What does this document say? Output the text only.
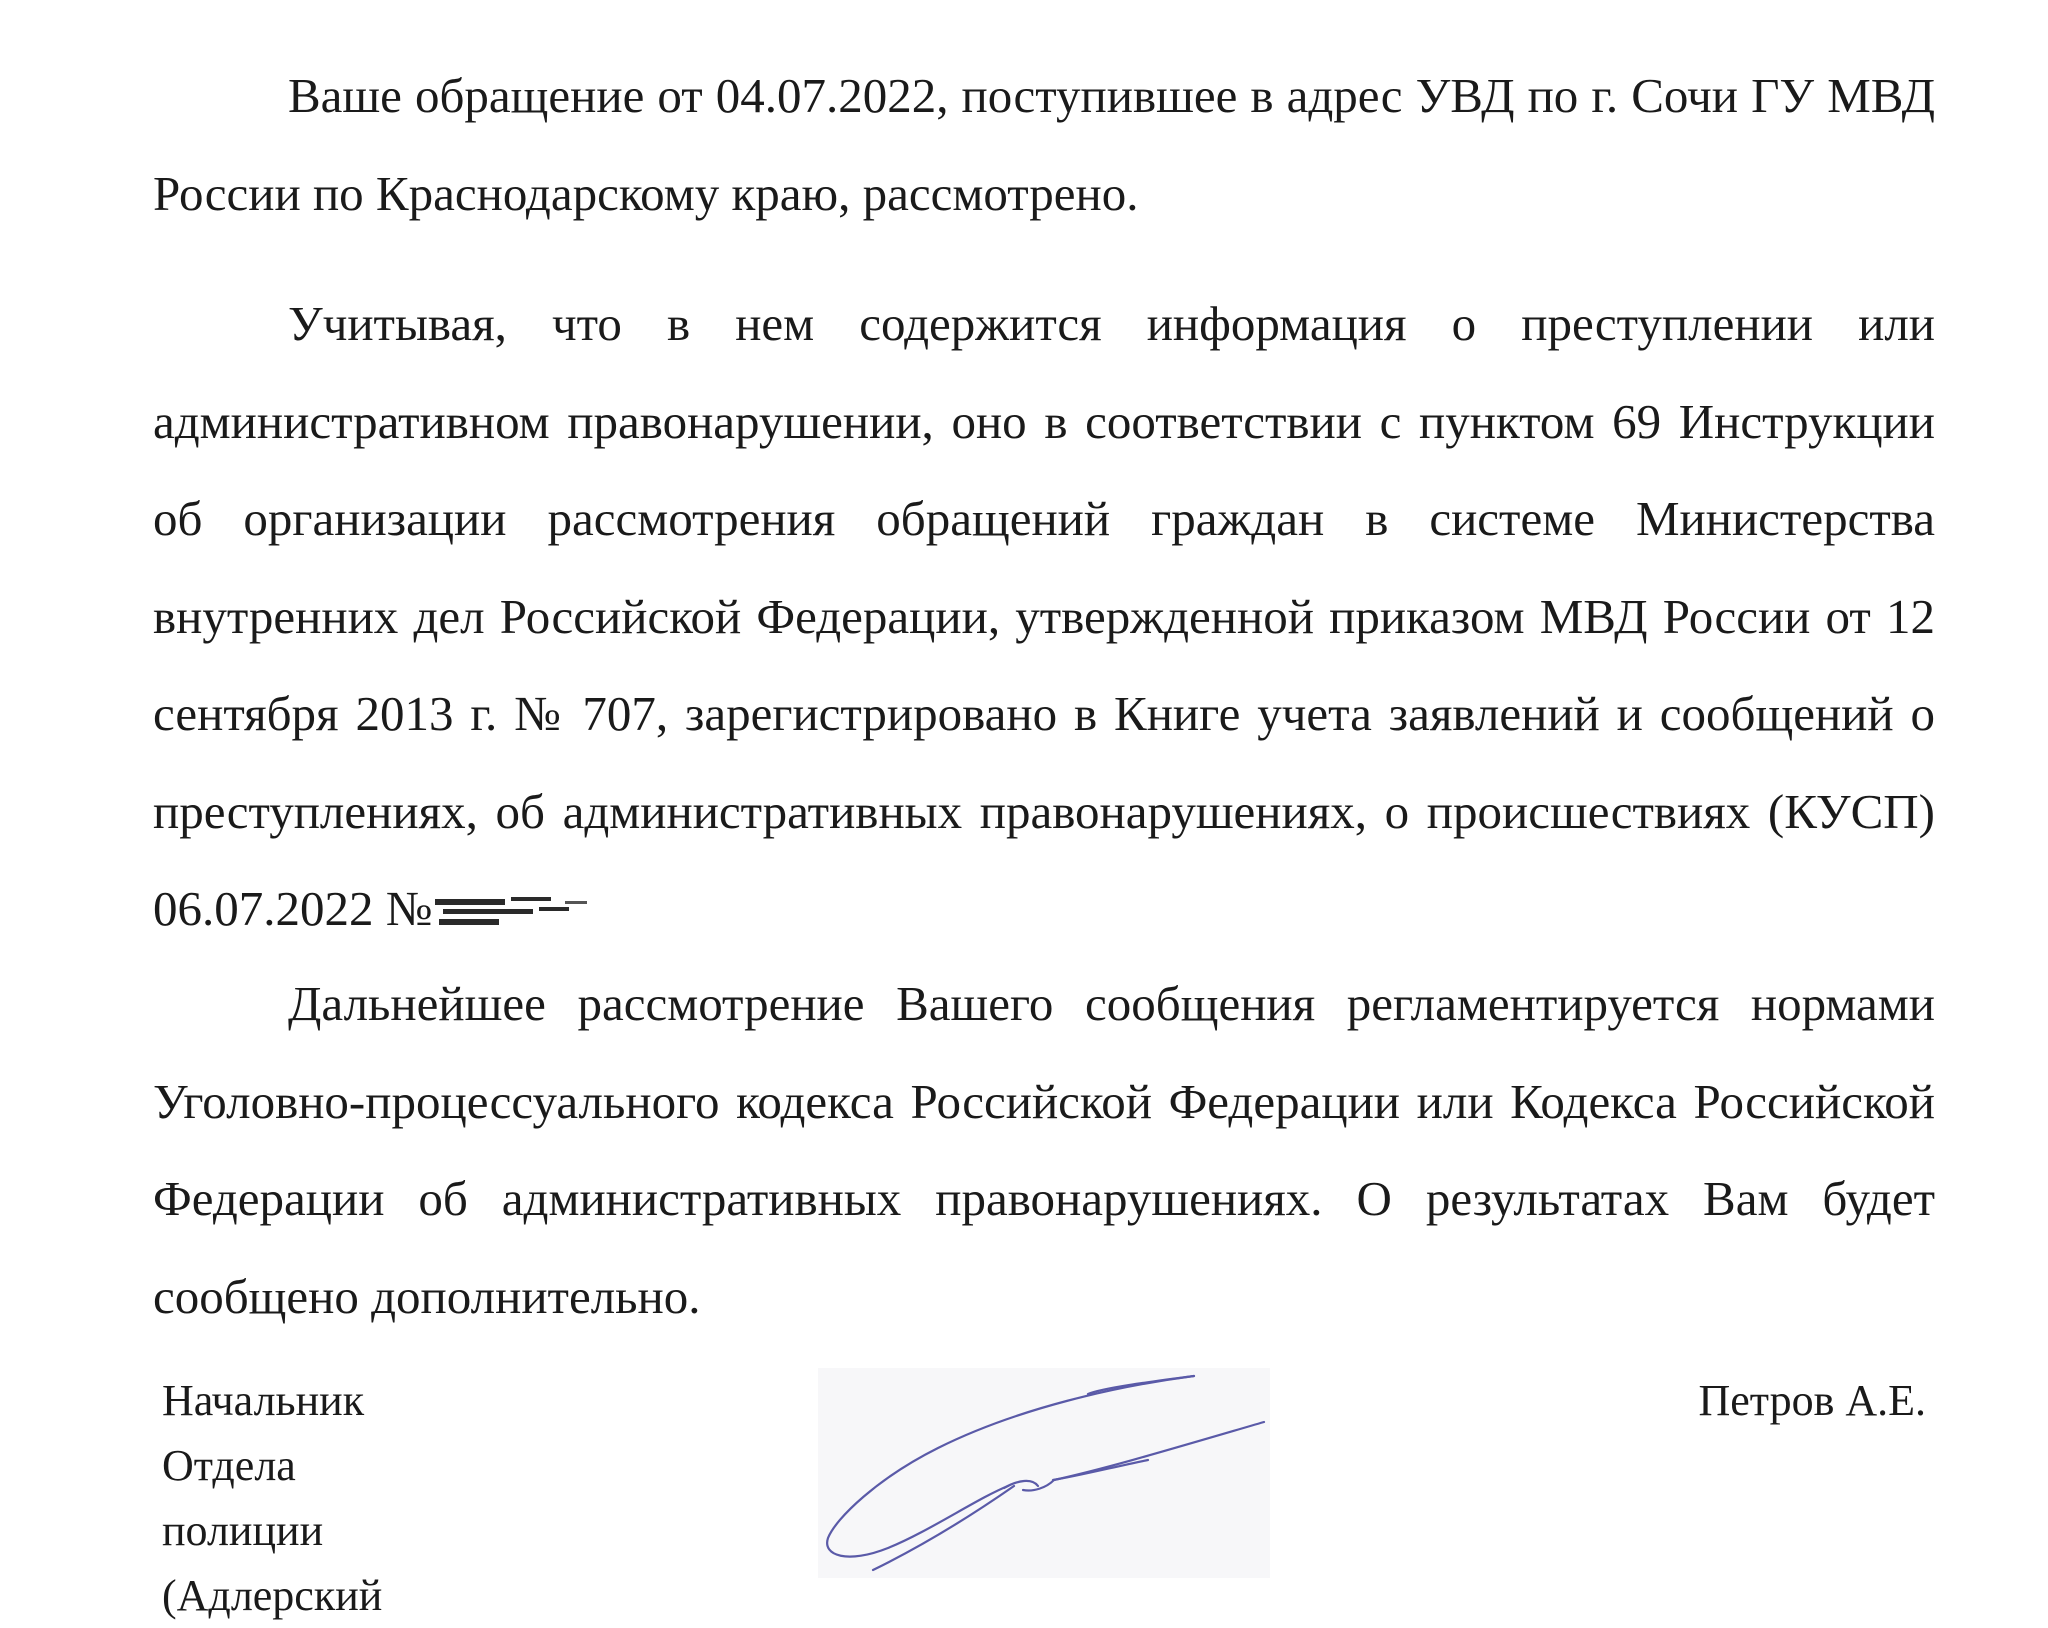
Ваше обращение от 04.07.2022, поступившее в адрес УВД по г. Сочи ГУ МВД России по Краснодарскому краю, рассмотрено.

Учитывая, что в нем содержится информация о преступлении или административном правонарушении, оно в соответствии с пунктом 69 Инструкции об организации рассмотрения обращений граждан в системе Министерства внутренних дел Российской Федерации, утвержденной приказом МВД России от 12 сентября 2013 г. № 707, зарегистрировано в Книге учета заявлений и сообщений о преступлениях, об административных правонарушениях, о происшествиях (КУСП) 06.07.2022 №

Дальнейшее рассмотрение Вашего сообщения регламентируется нормами Уголовно-процессуального кодекса Российской Федерации или Кодекса Российской Федерации об административных правонарушениях. О результатах Вам будет сообщено дополнительно.

Начальник
Отдела
полиции
(Адлерский
Петров А.Е.
